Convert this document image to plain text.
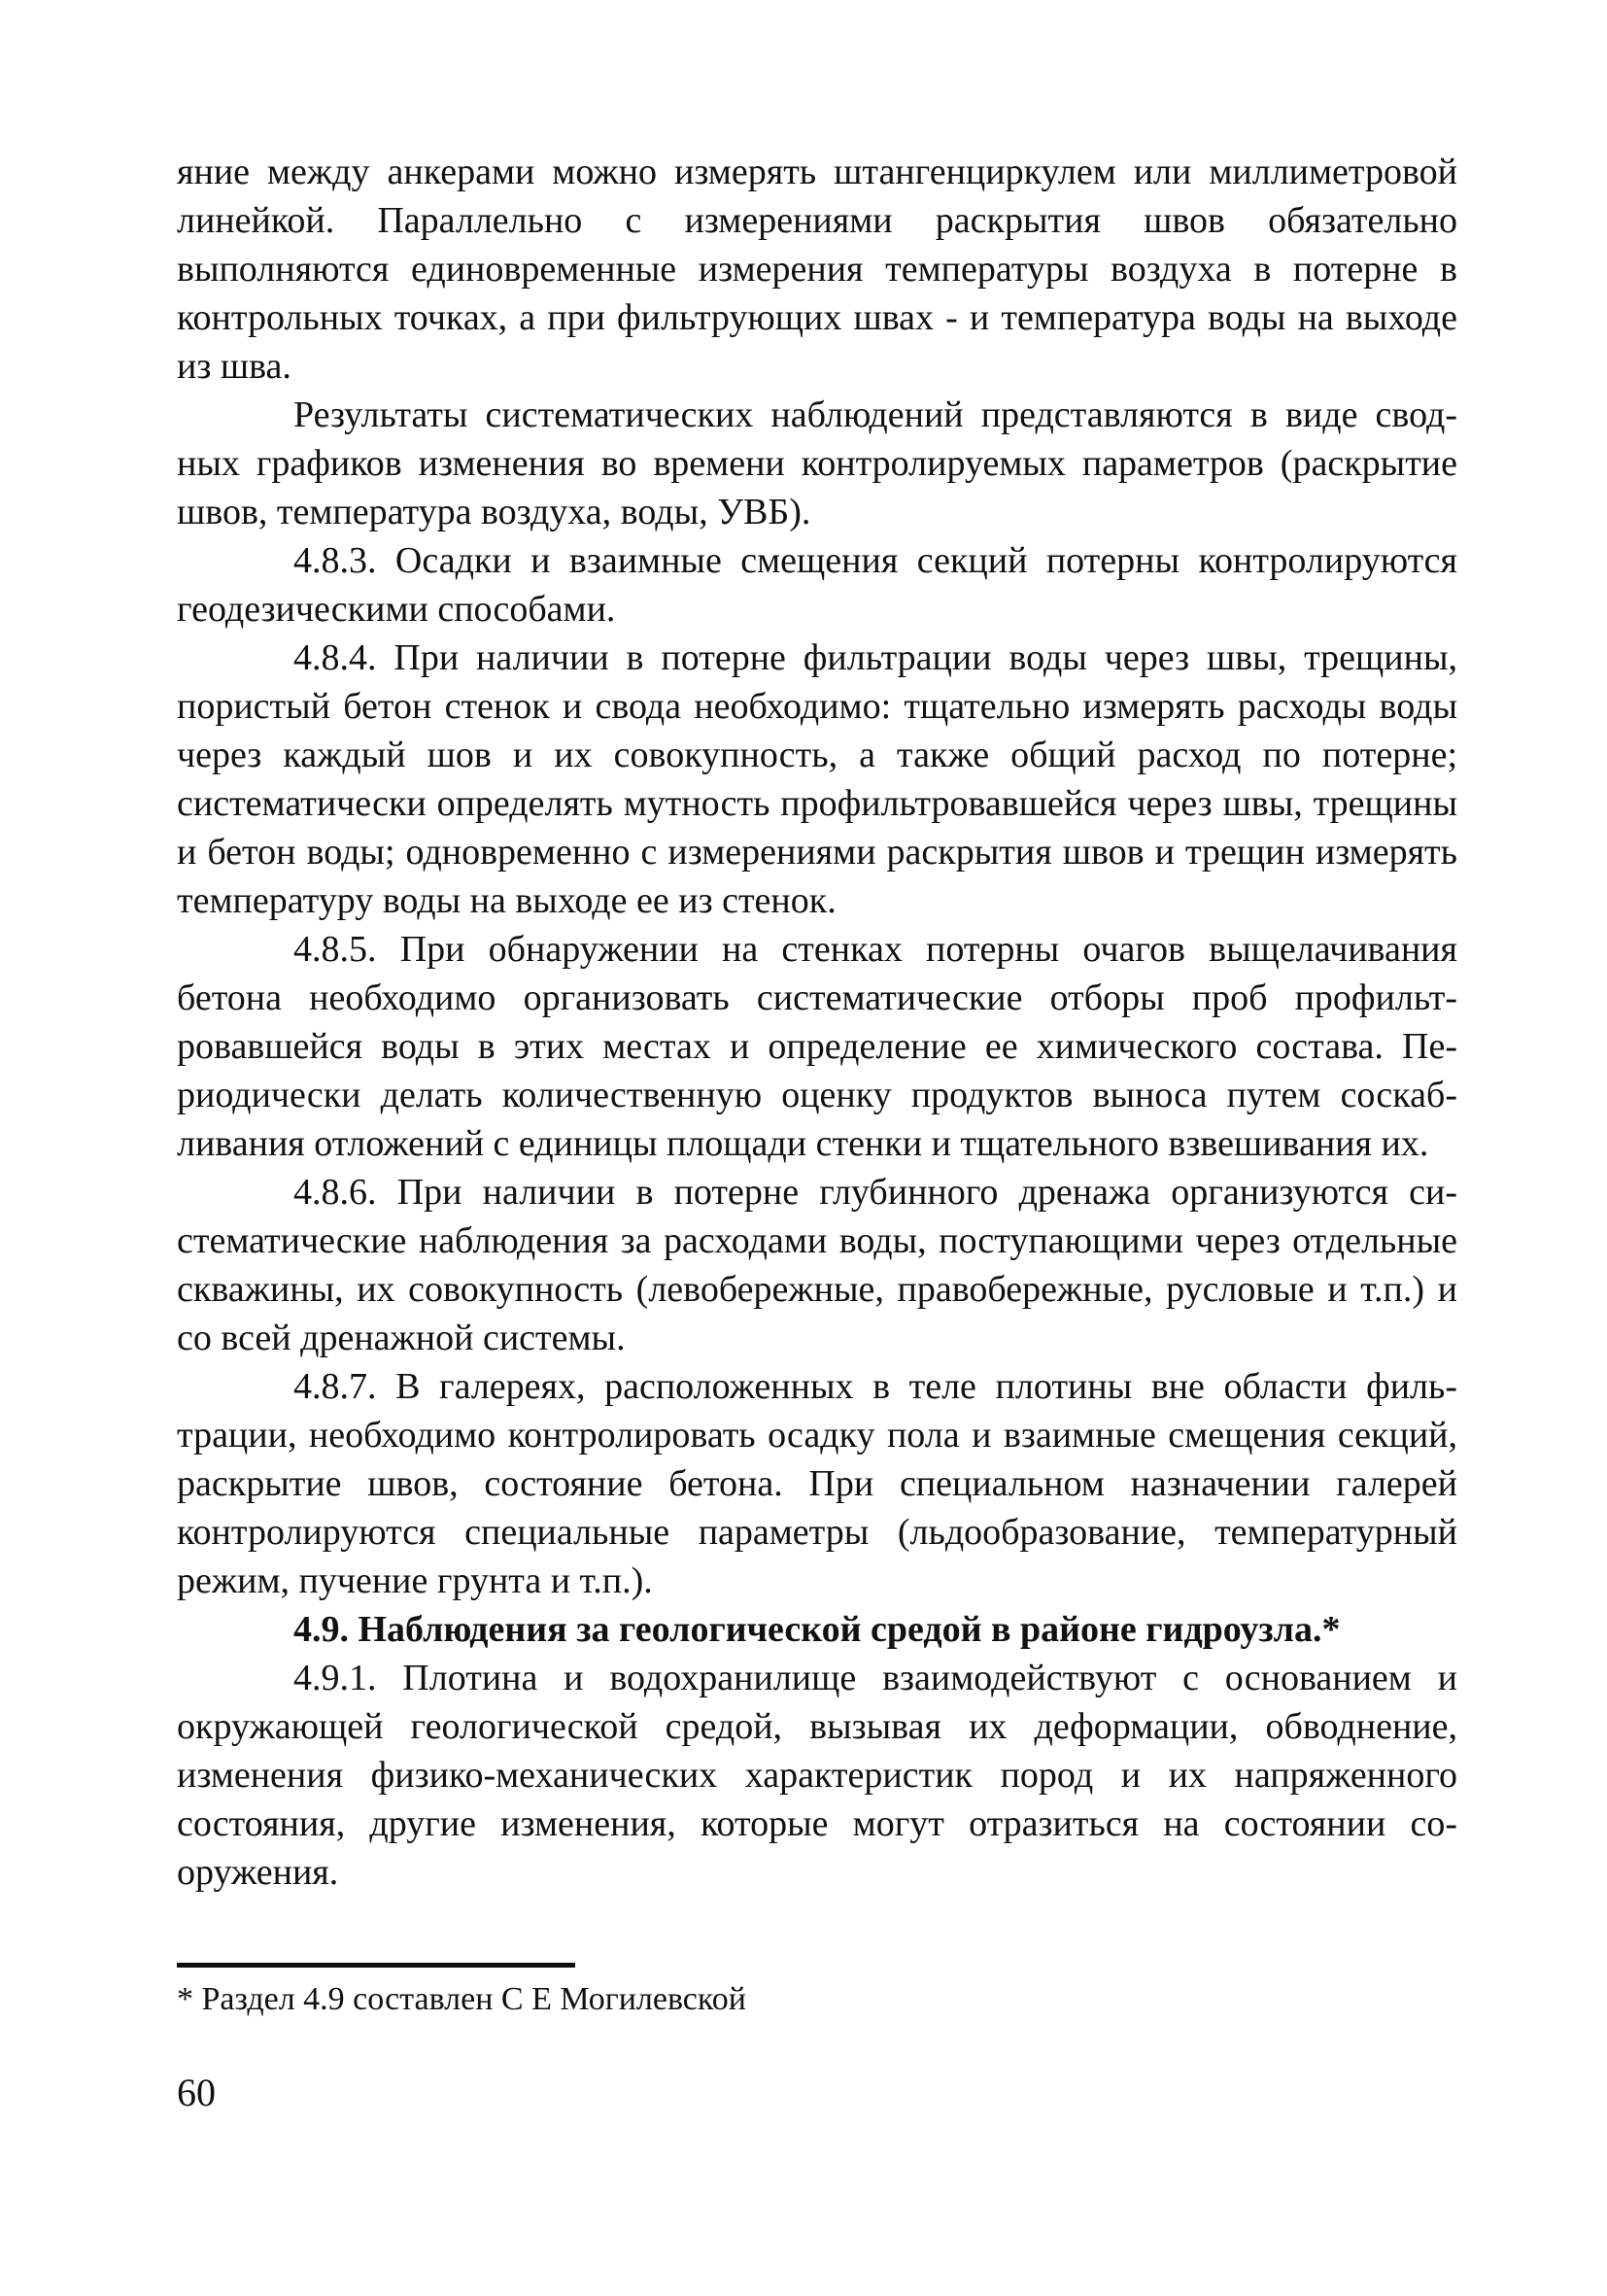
яние между анкерами можно измерять штангенциркулем или миллиметровой линейкой. Параллельно с измерениями раскрытия швов обязательно выполняются единовременные измерения температуры воздуха в потерне в контрольных точках, а при фильтрующих швах - и температура воды на выходе из шва.

Результаты систематических наблюдений представляются в виде сводных графиков изменения во времени контролируемых параметров (раскрытие швов, температура воздуха, воды, УВБ).

4.8.3. Осадки и взаимные смещения секций потерны контролируются геодезическими способами.

4.8.4. При наличии в потерне фильтрации воды через швы, трещины, пористый бетон стенок и свода необходимо: тщательно измерять расходы воды через каждый шов и их совокупность, а также общий расход по потерне; систематически определять мутность профильтровавшейся через швы, трещины и бетон воды; одновременно с измерениями раскрытия швов и трещин измерять температуру воды на выходе ее из стенок.

4.8.5. При обнаружении на стенках потерны очагов выщелачивания бетона необходимо организовать систематические отборы проб профильтровавшейся воды в этих местах и определение ее химического состава. Периодически делать количественную оценку продуктов выноса путем соскабливания отложений с единицы площади стенки и тщательного взвешивания их.

4.8.6. При наличии в потерне глубинного дренажа организуются систематические наблюдения за расходами воды, поступающими через отдельные скважины, их совокупность (левобережные, правобережные, русловые и т.п.) и со всей дренажной системы.

4.8.7. В галереях, расположенных в теле плотины вне области фильтрации, необходимо контролировать осадку пола и взаимные смещения секций, раскрытие швов, состояние бетона. При специальном назначении галерей контролируются специальные параметры (льдообразование, температурный режим, пучение грунта и т.п.).

4.9. Наблюдения за геологической средой в районе гидроузла.*

4.9.1. Плотина и водохранилище взаимодействуют с основанием и окружающей геологической средой, вызывая их деформации, обводнение, изменения физико-механических характеристик пород и их напряженного состояния, другие изменения, которые могут отразиться на состоянии сооружения.

* Раздел 4.9 составлен С Е Могилевской

60
